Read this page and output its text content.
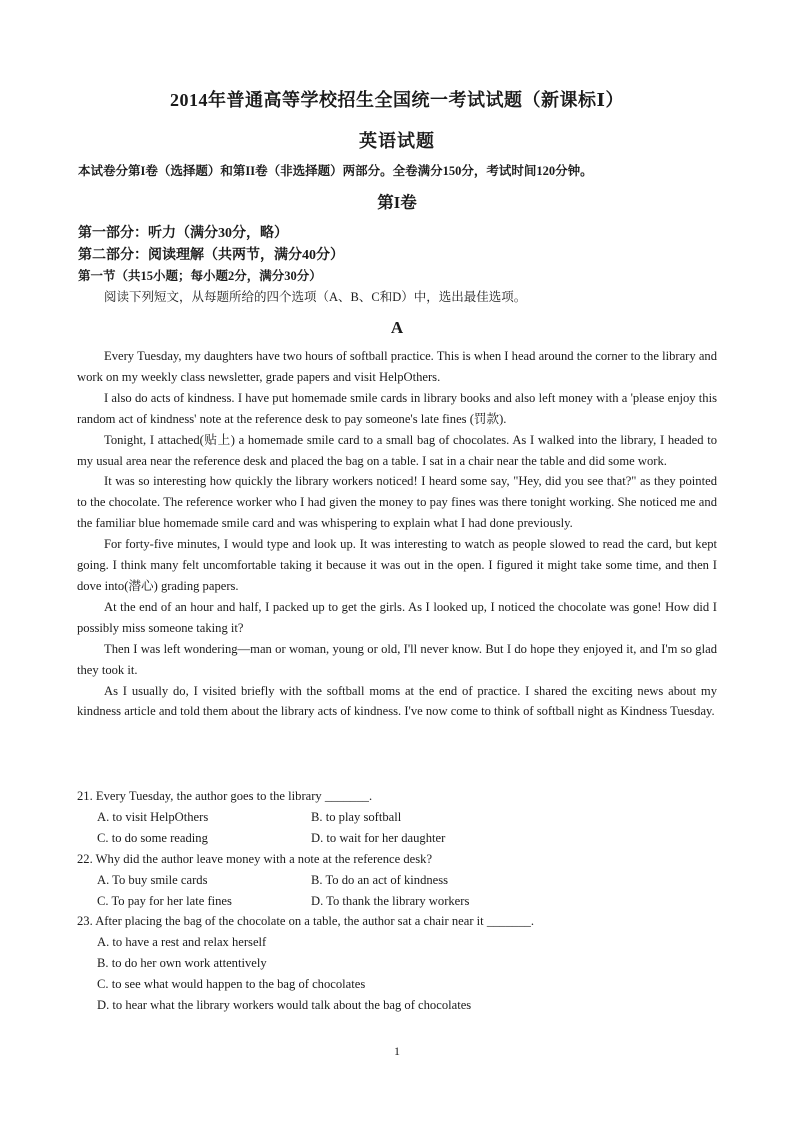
2014年普通高等学校招生全国统一考试试题（新课标Ⅰ）
英语试题
本试卷分第I卷（选择题）和第II卷（非选择题）两部分。全卷满分150分，考试时间120分钟。
第I卷
第一部分：听力（满分30分，略）
第二部分：阅读理解（共两节，满分40分）
第一节（共15小题；每小题2分，满分30分）
阅读下列短文，从每题所给的四个选项（A、B、C和D）中，选出最佳选项。
A

Every Tuesday, my daughters have two hours of softball practice. This is when I head around the corner to the library and work on my weekly class newsletter, grade papers and visit HelpOthers.

I also do acts of kindness. I have put homemade smile cards in library books and also left money with a 'please enjoy this random act of kindness' note at the reference desk to pay someone's late fines (罚款).

Tonight, I attached(贴上) a homemade smile card to a small bag of chocolates. As I walked into the library, I headed to my usual area near the reference desk and placed the bag on a table. I sat in a chair near the table and did some work.

It was so interesting how quickly the library workers noticed! I heard some say, "Hey, did you see that?" as they pointed to the chocolate. The reference worker who I had given the money to pay fines was there tonight working. She noticed me and the familiar blue homemade smile card and was whispering to explain what I had done previously.

For forty-five minutes, I would type and look up. It was interesting to watch as people slowed to read the card, but kept going. I think many felt uncomfortable taking it because it was out in the open. I figured it might take some time, and then I dove into(潜心) grading papers.

At the end of an hour and half, I packed up to get the girls. As I looked up, I noticed the chocolate was gone! How did I possibly miss someone taking it?

Then I was left wondering—man or woman, young or old, I'll never know. But I do hope they enjoyed it, and I'm so glad they took it.

As I usually do, I visited briefly with the softball moms at the end of practice. I shared the exciting news about my kindness article and told them about the library acts of kindness. I've now come to think of softball night as Kindness Tuesday.

21. Every Tuesday, the author goes to the library _______.

A. to visit HelpOthers	B. to play softball
C. to do some reading	D. to wait for her daughter

22. Why did the author leave money with a note at the reference desk?

A. To buy smile cards	B. To do an act of kindness
C. To pay for her late fines	D. To thank the library workers

23. After placing the bag of the chocolate on a table, the author sat a chair near it _______.

A. to have a rest and relax herself

B. to do her own work attentively

C. to see what would happen to the bag of chocolates

D. to hear what the library workers would talk about the bag of chocolates

1
